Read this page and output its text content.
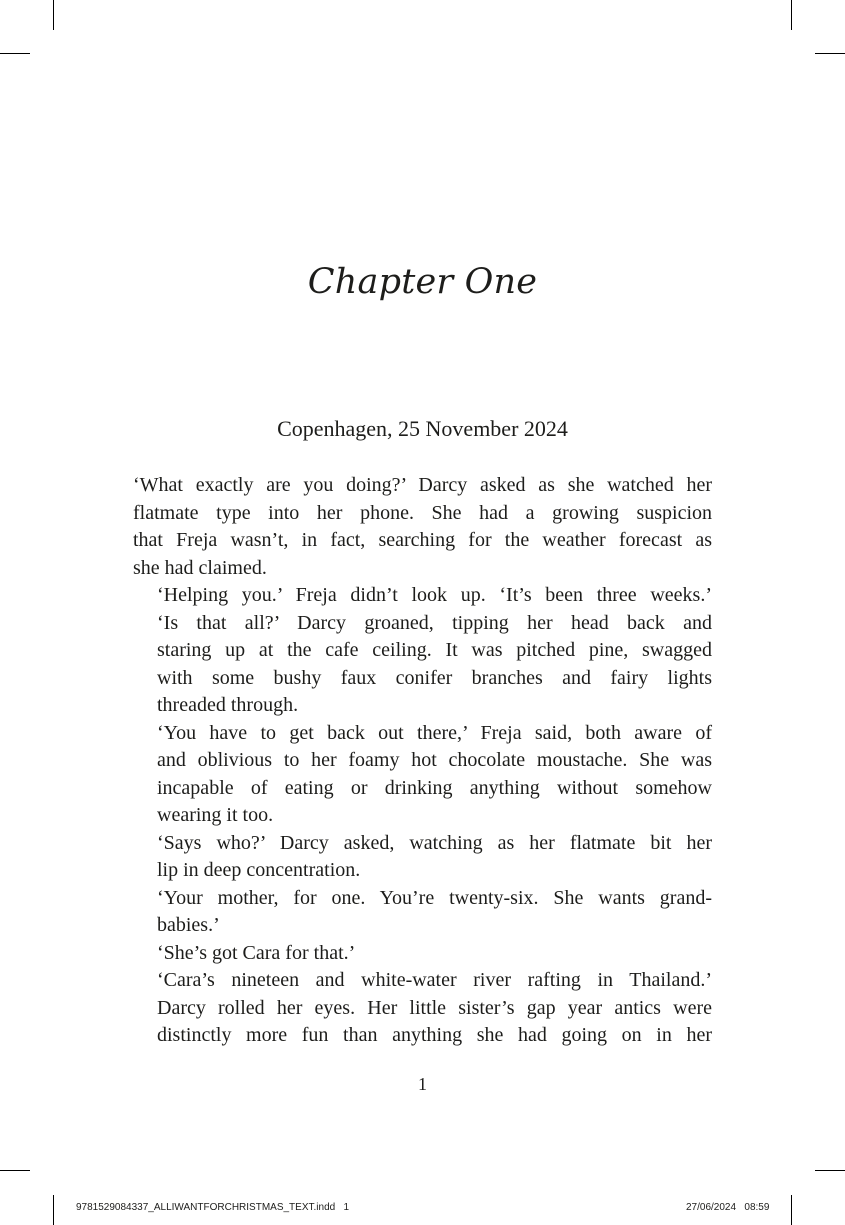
Chapter One
Copenhagen, 25 November 2024

‘What exactly are you doing?’ Darcy asked as she watched her
flatmate type into her phone. She had a growing suspicion
that Freja wasn’t, in fact, searching for the weather forecast as
she had claimed.

‘Helping you.’ Freja didn’t look up. ‘It’s been three weeks.’

‘Is that all?’ Darcy groaned, tipping her head back and
staring up at the cafe ceiling. It was pitched pine, swagged
with some bushy faux conifer branches and fairy lights
threaded through.

‘You have to get back out there,’ Freja said, both aware of
and oblivious to her foamy hot chocolate moustache. She was
incapable of eating or drinking anything without somehow
wearing it too.

‘Says who?’ Darcy asked, watching as her flatmate bit her
lip in deep concentration.

‘Your mother, for one. You’re twenty-six. She wants grand-
babies.’

‘She’s got Cara for that.’

‘Cara’s nineteen and white-water river rafting in Thailand.’

Darcy rolled her eyes. Her little sister’s gap year antics were
distinctly more fun than anything she had going on in her

1
9781529084337_ALLIWANTFORCHRISTMAS_TEXT.indd   1	27/06/2024   08:59
